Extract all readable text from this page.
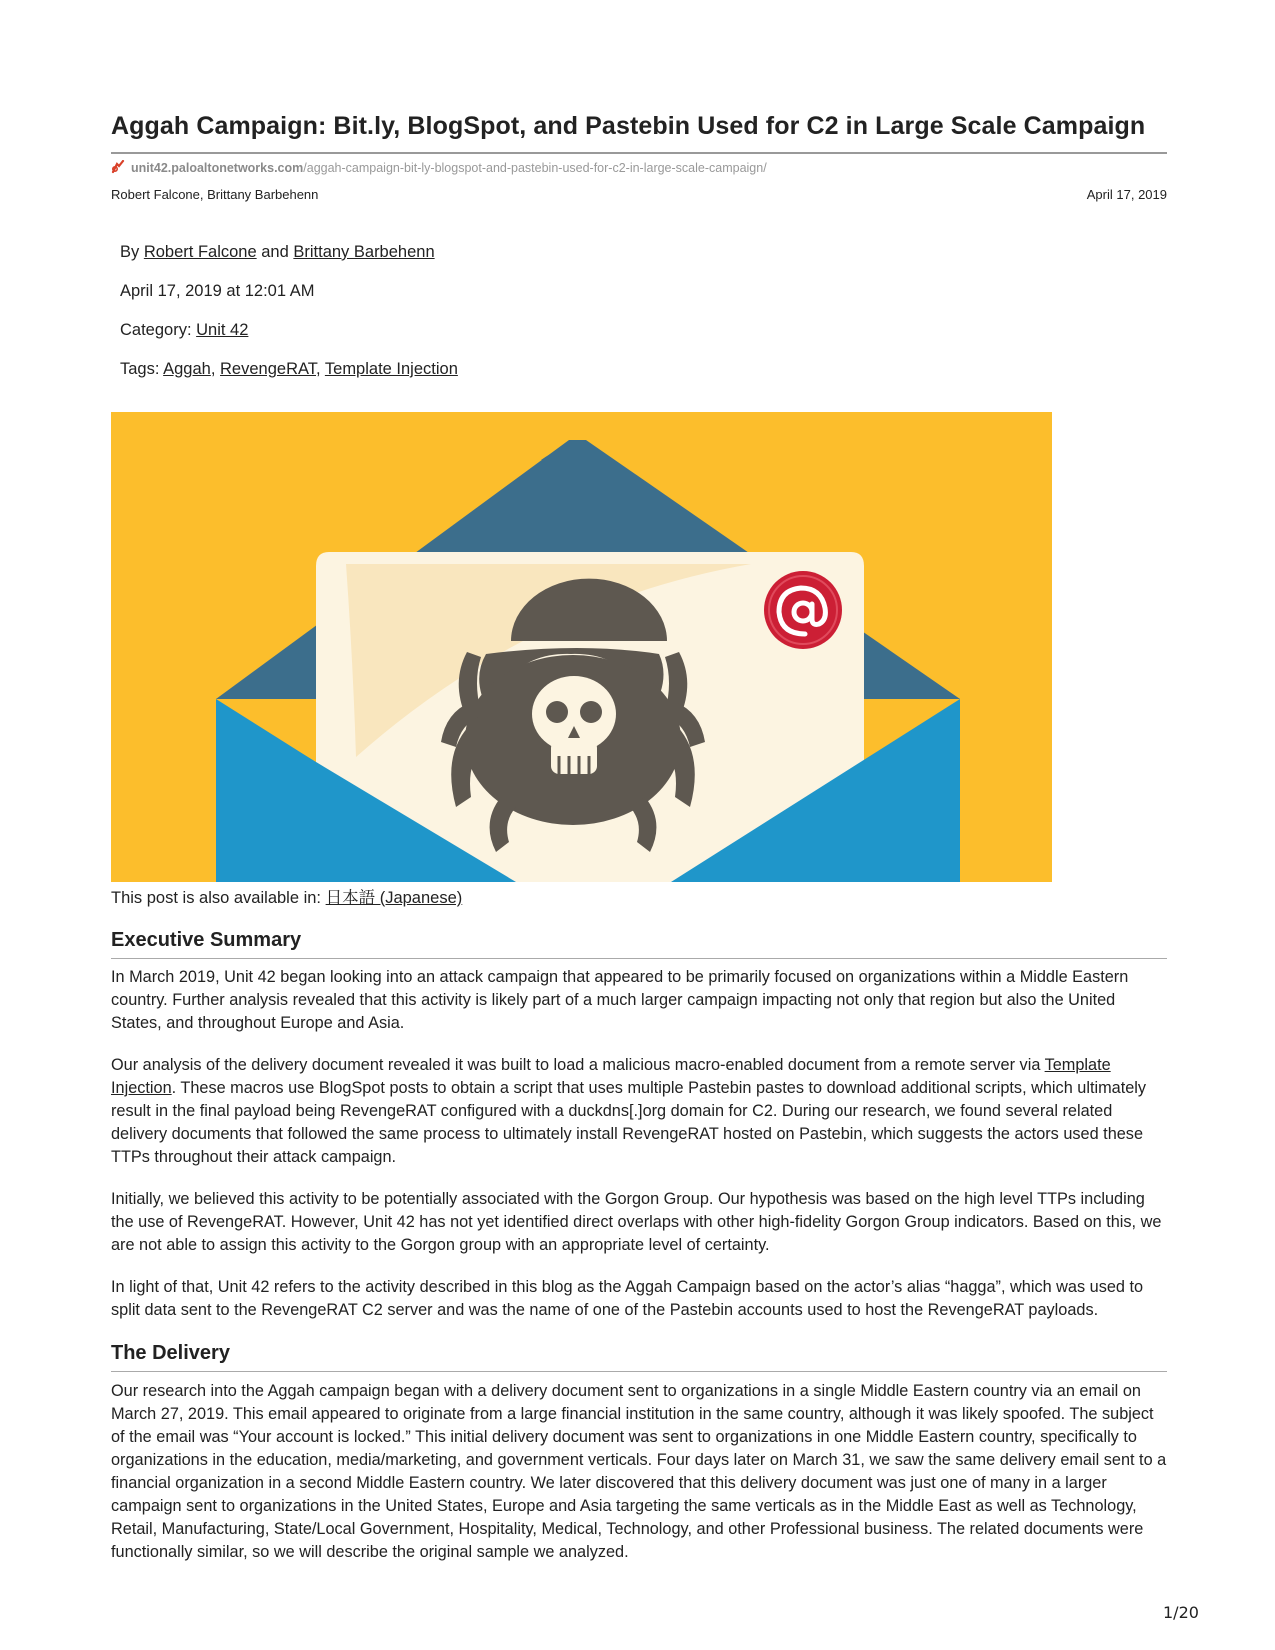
Aggah Campaign: Bit.ly, BlogSpot, and Pastebin Used for C2 in Large Scale Campaign
unit42.paloaltonetworks.com/aggah-campaign-bit-ly-blogspot-and-pastebin-used-for-c2-in-large-scale-campaign/
Robert Falcone, Brittany Barbehenn	April 17, 2019
By Robert Falcone and Brittany Barbehenn
April 17, 2019 at 12:01 AM
Category: Unit 42
Tags: Aggah, RevengeRAT, Template Injection
This post is also available in: 日本語 (Japanese)
Executive Summary

In March 2019, Unit 42 began looking into an attack campaign that appeared to be primarily focused on organizations within a Middle Eastern country. Further analysis revealed that this activity is likely part of a much larger campaign impacting not only that region but also the United States, and throughout Europe and Asia.

Our analysis of the delivery document revealed it was built to load a malicious macro-enabled document from a remote server via Template Injection. These macros use BlogSpot posts to obtain a script that uses multiple Pastebin pastes to download additional scripts, which ultimately result in the final payload being RevengeRAT configured with a duckdns[.]org domain for C2. During our research, we found several related delivery documents that followed the same process to ultimately install RevengeRAT hosted on Pastebin, which suggests the actors used these TTPs throughout their attack campaign.

Initially, we believed this activity to be potentially associated with the Gorgon Group. Our hypothesis was based on the high level TTPs including the use of RevengeRAT. However, Unit 42 has not yet identified direct overlaps with other high-fidelity Gorgon Group indicators. Based on this, we are not able to assign this activity to the Gorgon group with an appropriate level of certainty.

In light of that, Unit 42 refers to the activity described in this blog as the Aggah Campaign based on the actor’s alias “hagga”, which was used to split data sent to the RevengeRAT C2 server and was the name of one of the Pastebin accounts used to host the RevengeRAT payloads.

The Delivery

Our research into the Aggah campaign began with a delivery document sent to organizations in a single Middle Eastern country via an email on March 27, 2019. This email appeared to originate from a large financial institution in the same country, although it was likely spoofed. The subject of the email was “Your account is locked.” This initial delivery document was sent to organizations in one Middle Eastern country, specifically to organizations in the education, media/marketing, and government verticals. Four days later on March 31, we saw the same delivery email sent to a financial organization in a second Middle Eastern country. We later discovered that this delivery document was just one of many in a larger campaign sent to organizations in the United States, Europe and Asia targeting the same verticals as in the Middle East as well as Technology, Retail, Manufacturing, State/Local Government, Hospitality, Medical, Technology, and other Professional business. The related documents were functionally similar, so we will describe the original sample we analyzed.

1/20
